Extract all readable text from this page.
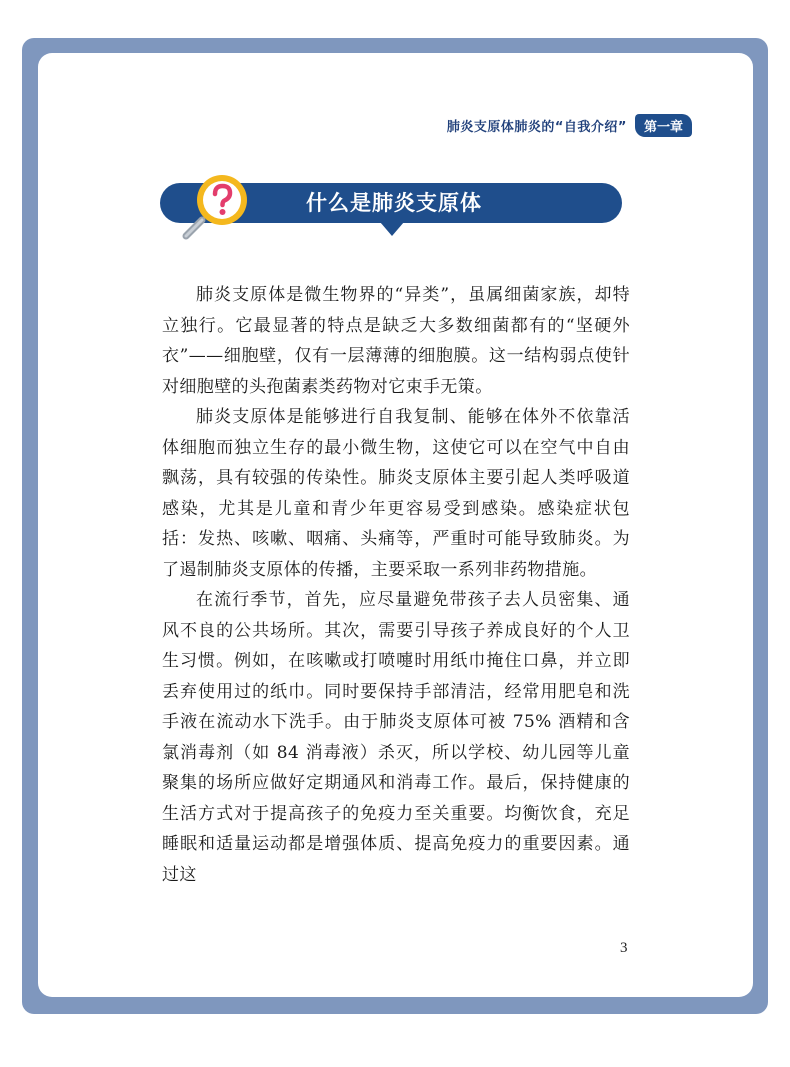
肺炎支原体肺炎的“自我介绍”	第一章
什么是肺炎支原体

肺炎支原体是微生物界的“异类”，虽属细菌家族，却特立独行。它最显著的特点是缺乏大多数细菌都有的“坚硬外衣”——细胞壁，仅有一层薄薄的细胞膜。这一结构弱点使针对细胞壁的头孢菌素类药物对它束手无策。

肺炎支原体是能够进行自我复制、能够在体外不依靠活体细胞而独立生存的最小微生物，这使它可以在空气中自由飘荡，具有较强的传染性。肺炎支原体主要引起人类呼吸道感染，尤其是儿童和青少年更容易受到感染。感染症状包括：发热、咳嗽、咽痛、头痛等，严重时可能导致肺炎。为了遏制肺炎支原体的传播，主要采取一系列非药物措施。

在流行季节，首先，应尽量避免带孩子去人员密集、通风不良的公共场所。其次，需要引导孩子养成良好的个人卫生习惯。例如，在咳嗽或打喷嚏时用纸巾掩住口鼻，并立即丢弃使用过的纸巾。同时要保持手部清洁，经常用肥皂和洗手液在流动水下洗手。由于肺炎支原体可被 75% 酒精和含氯消毒剂（如 84 消毒液）杀灭，所以学校、幼儿园等儿童聚集的场所应做好定期通风和消毒工作。最后，保持健康的生活方式对于提高孩子的免疫力至关重要。均衡饮食，充足睡眠和适量运动都是增强体质、提高免疫力的重要因素。通过这

3
